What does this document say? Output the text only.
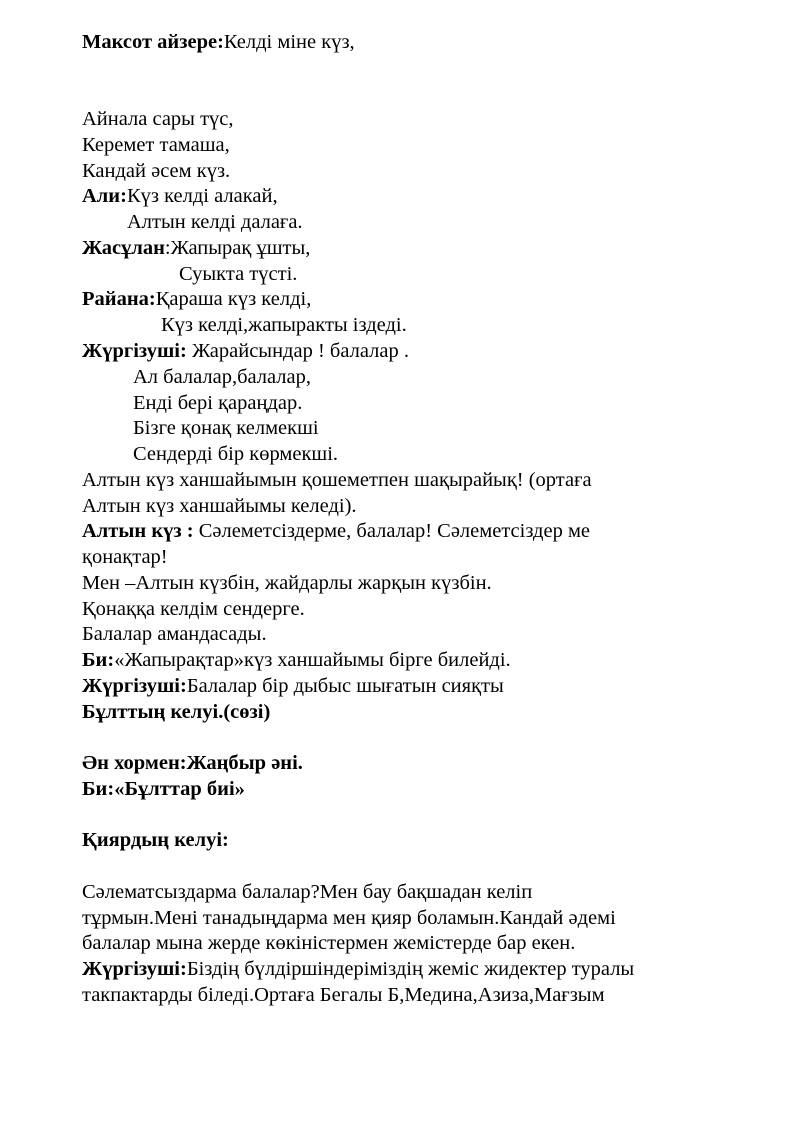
Максот айзере:Келді міне күз,
Айнала сары түс,
Керемет тамаша,
Кандай әсем күз.
Али:Күз келді алакай,
Алтын келді далаға.
Жасұлан:Жапырақ ұшты,
Суыкта түсті.
Райана:Қараша күз келді,
Күз келді,жапыракты іздеді.
Жүргізуші: Жарайсындар ! балалар .
Ал балалар,балалар,
Енді бері қараңдар.
Бізге қонақ келмекші
Сендерді бір көрмекші.
Алтын күз ханшайымын қошеметпен шақырайық! (ортаға
Алтын күз ханшайымы келеді).
Алтын күз : Сәлеметсіздерме, балалар! Сәлеметсіздер ме
қонақтар!
Мен –Алтын күзбін, жайдарлы жарқын күзбін.
Қонаққа келдім сендерге.
Балалар амандасады.
Би:«Жапырақтар»күз ханшайымы бірге билейді.
Жүргізуші:Балалар бір дыбыс шығатын сияқты
Бұлттың келуі.(сөзі)
Ән хормен:Жаңбыр әні.
Би:«Бұлттар биі»
Қиярдың келуі:
Сәлематсыздарма балалар?Мен бау бақшадан келіп
тұрмын.Мені танадыңдарма мен қияр боламын.Кандай әдемі
балалар мына жерде көкіністермен жемістерде бар екен.
Жүргізуші:Біздің бүлдіршіндеріміздің жеміс жидектер туралы
такпактарды біледі.Ортаға Бегалы Б,Медина,Азиза,Мағзым
